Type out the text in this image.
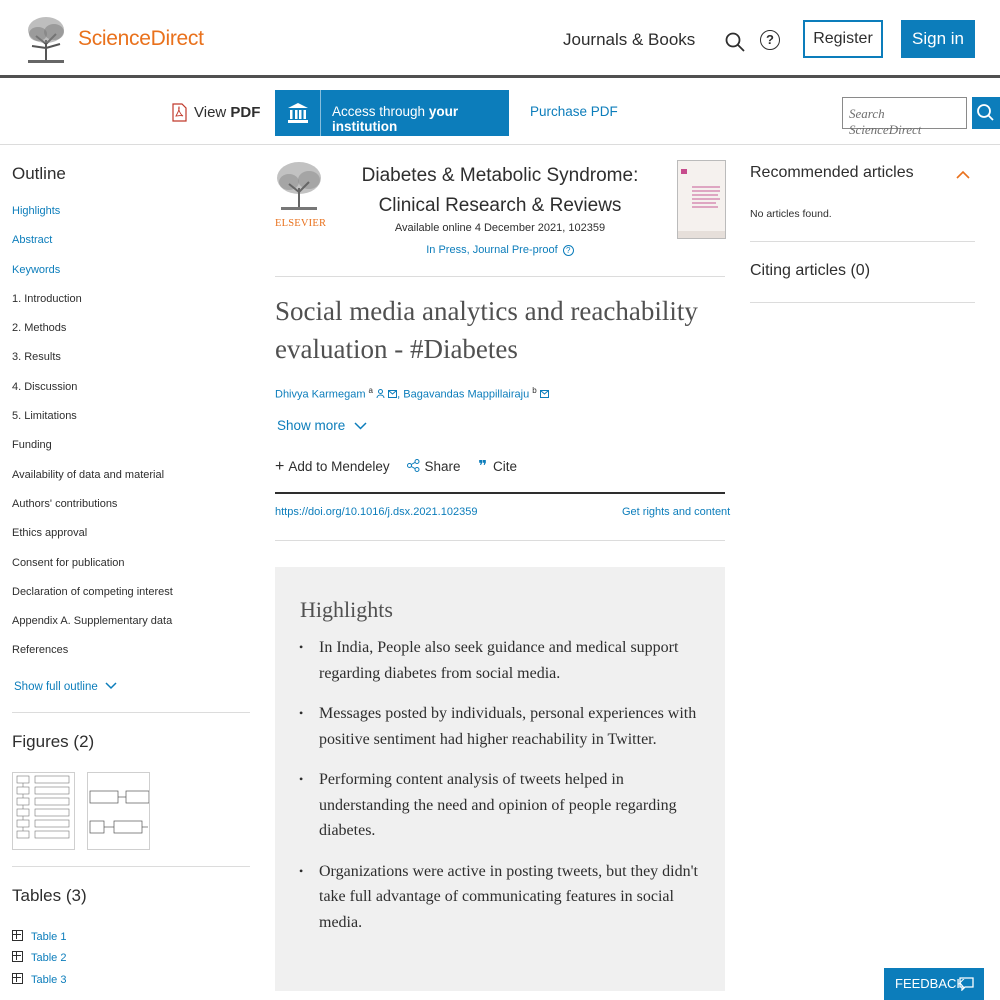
ScienceDirect	Journals & Books	?	Register	Sign in
View PDF	Access through your institution
Purchase PDF	Search ScienceDirect
Outline
Highlights
Abstract
Keywords
1. Introduction
2. Methods
3. Results
4. Discussion
5. Limitations
Funding
Availability of data and material
Authors' contributions
Ethics approval
Consent for publication
Declaration of competing interest
Appendix A. Supplementary data
References
Show full outline
Figures (2)
Tables (3)
Table 1
Table 2
Table 3
ELSEVIER
Diabetes & Metabolic Syndrome: Clinical Research & Reviews
Available online 4 December 2021, 102359
In Press, Journal Pre-proof ?
Social media analytics and reachability evaluation - #Diabetes
Dhivya Karmegam $^a$ , Bagavandas Mappillairaju $^b$
Show more
+ Add to Mendeley	Share ❞ Cite
https://doi.org/10.1016/j.dsx.2021.102359	Get rights and content
Highlights
• In India, People also seek guidance and medical support regarding diabetes from social media.
• Messages posted by individuals, personal experiences with positive sentiment had higher reachability in Twitter.
• Performing content analysis of tweets helped in understanding the need and opinion of people regarding diabetes.
• Organizations were active in posting tweets, but they didn't take full advantage of communicating features in social media.
Recommended articles
No articles found.
Citing articles (0)
FEEDBACK
